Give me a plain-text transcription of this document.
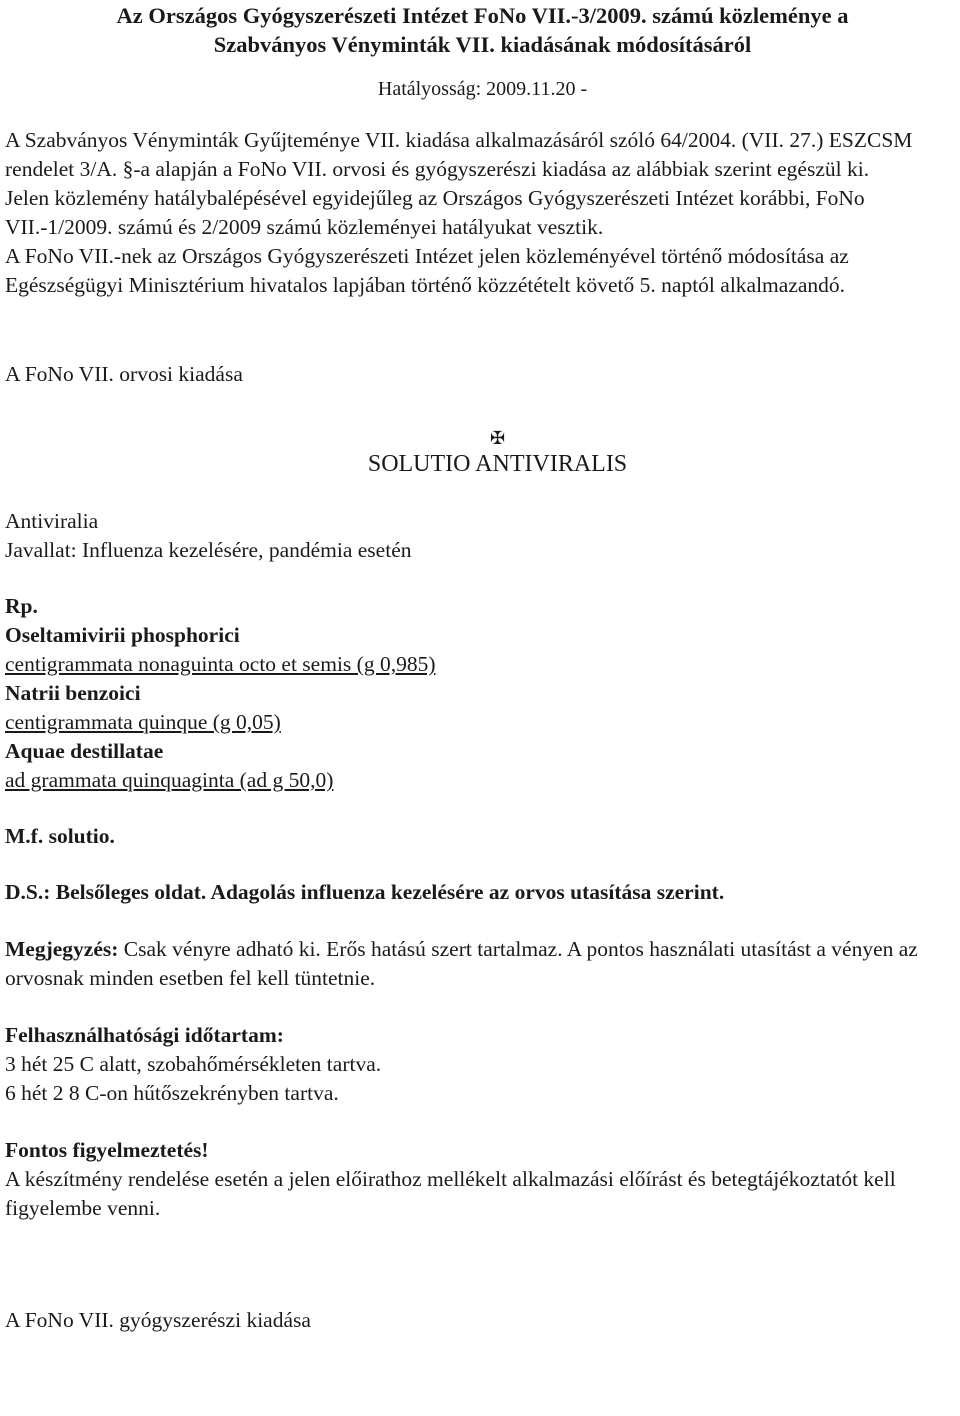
Az Országos Gyógyszerészeti Intézet FoNo VII.-3/2009. számú közleménye a
Szabványos Vényminták VII. kiadásának módosításáról
Hatályosság: 2009.11.20 -

A Szabványos Vényminták Gyűjteménye VII. kiadása alkalmazásáról szóló 64/2004. (VII. 27.) ESZCSM rendelet 3/A. §-a alapján a FoNo VII. orvosi és gyógyszerészi kiadása az alábbiak szerint egészül ki.

Jelen közlemény hatálybalépésével egyidejűleg az Országos Gyógyszerészeti Intézet korábbi, FoNo VII.-1/2009. számú és 2/2009 számú közleményei hatályukat vesztik.

A FoNo VII.-nek az Országos Gyógyszerészeti Intézet jelen közleményével történő módosítása az Egészségügyi Minisztérium hivatalos lapjában történő közzétételt követő 5. naptól alkalmazandó.

A FoNo VII. orvosi kiadása

✠
SOLUTIO ANTIVIRALIS

Antiviralia

Javallat: Influenza kezelésére, pandémia esetén

Rp.

Oseltamivirii phosphorici

centigrammata nonaguinta octo et semis (g 0,985)

Natrii benzoici

centigrammata quinque (g 0,05)

Aquae destillatae

ad grammata quinquaginta (ad g 50,0)

M.f. solutio.

D.S.: Belsőleges oldat. Adagolás influenza kezelésére az orvos utasítása szerint.

Megjegyzés: Csak vényre adható ki. Erős hatású szert tartalmaz. A pontos használati utasítást a vényen az orvosnak minden esetben fel kell tüntetnie.

Felhasználhatósági időtartam:

3 hét 25 C alatt, szobahőmérsékleten tartva.

6 hét 2 8 C-on hűtőszekrényben tartva.

Fontos figyelmeztetés!

A készítmény rendelése esetén a jelen előirathoz mellékelt alkalmazási előírást és betegtájékoztatót kell figyelembe venni.

A FoNo VII. gyógyszerészi kiadása
